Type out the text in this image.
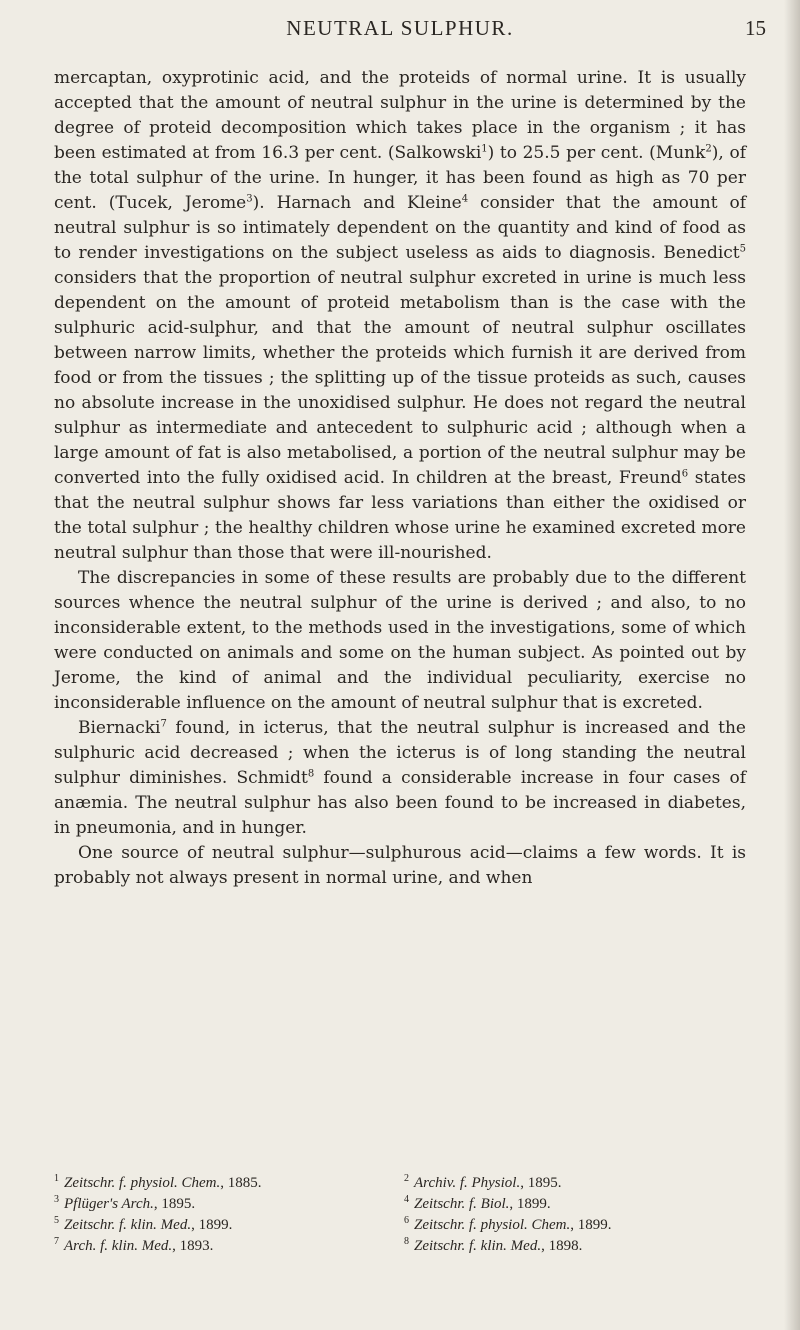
NEUTRAL SULPHUR.	15

mercaptan, oxyprotinic acid, and the proteids of normal urine. It is usually accepted that the amount of neutral sulphur in the urine is determined by the degree of proteid decomposition which takes place in the organism ; it has been estimated at from 16.3 per cent. (Salkowski$^1$) to 25.5 per cent. (Munk$^2$), of the total sulphur of the urine. In hunger, it has been found as high as 70 per cent. (Tucek, Jerome$^3$). Harnach and Kleine$^4$ consider that the amount of neutral sulphur is so intimately dependent on the quantity and kind of food as to render investigations on the subject useless as aids to diagnosis. Benedict$^5$ considers that the proportion of neutral sulphur excreted in urine is much less dependent on the amount of proteid metabolism than is the case with the sulphuric acid-sulphur, and that the amount of neutral sulphur oscillates between narrow limits, whether the proteids which furnish it are derived from food or from the tissues ; the splitting up of the tissue proteids as such, causes no absolute increase in the unoxidised sulphur. He does not regard the neutral sulphur as intermediate and antecedent to sulphuric acid ; although when a large amount of fat is also metabolised, a portion of the neutral sulphur may be converted into the fully oxidised acid. In children at the breast, Freund$^6$ states that the neutral sulphur shows far less variations than either the oxidised or the total sulphur ; the healthy children whose urine he examined excreted more neutral sulphur than those that were ill-nourished.

The discrepancies in some of these results are probably due to the different sources whence the neutral sulphur of the urine is derived ; and also, to no inconsiderable extent, to the methods used in the investigations, some of which were conducted on animals and some on the human subject. As pointed out by Jerome, the kind of animal and the individual peculiarity, exercise no inconsiderable influence on the amount of neutral sulphur that is excreted.

Biernacki$^7$ found, in icterus, that the neutral sulphur is increased and the sulphuric acid decreased ; when the icterus is of long standing the neutral sulphur diminishes. Schmidt$^8$ found a considerable increase in four cases of anæmia. The neutral sulphur has also been found to be increased in diabetes, in pneumonia, and in hunger.

One source of neutral sulphur—sulphurous acid—claims a few words. It is probably not always present in normal urine, and when

$^1$ Zeitschr. f. physiol. Chem., 1885.	$^2$ Archiv. f. Physiol., 1895.
$^3$ Pflüger's Arch., 1895.	$^4$ Zeitschr. f. Biol., 1899.
$^5$ Zeitschr. f. klin. Med., 1899.	$^6$ Zeitschr. f. physiol. Chem., 1899.
$^7$ Arch. f. klin. Med., 1893.	$^8$ Zeitschr. f. klin. Med., 1898.
